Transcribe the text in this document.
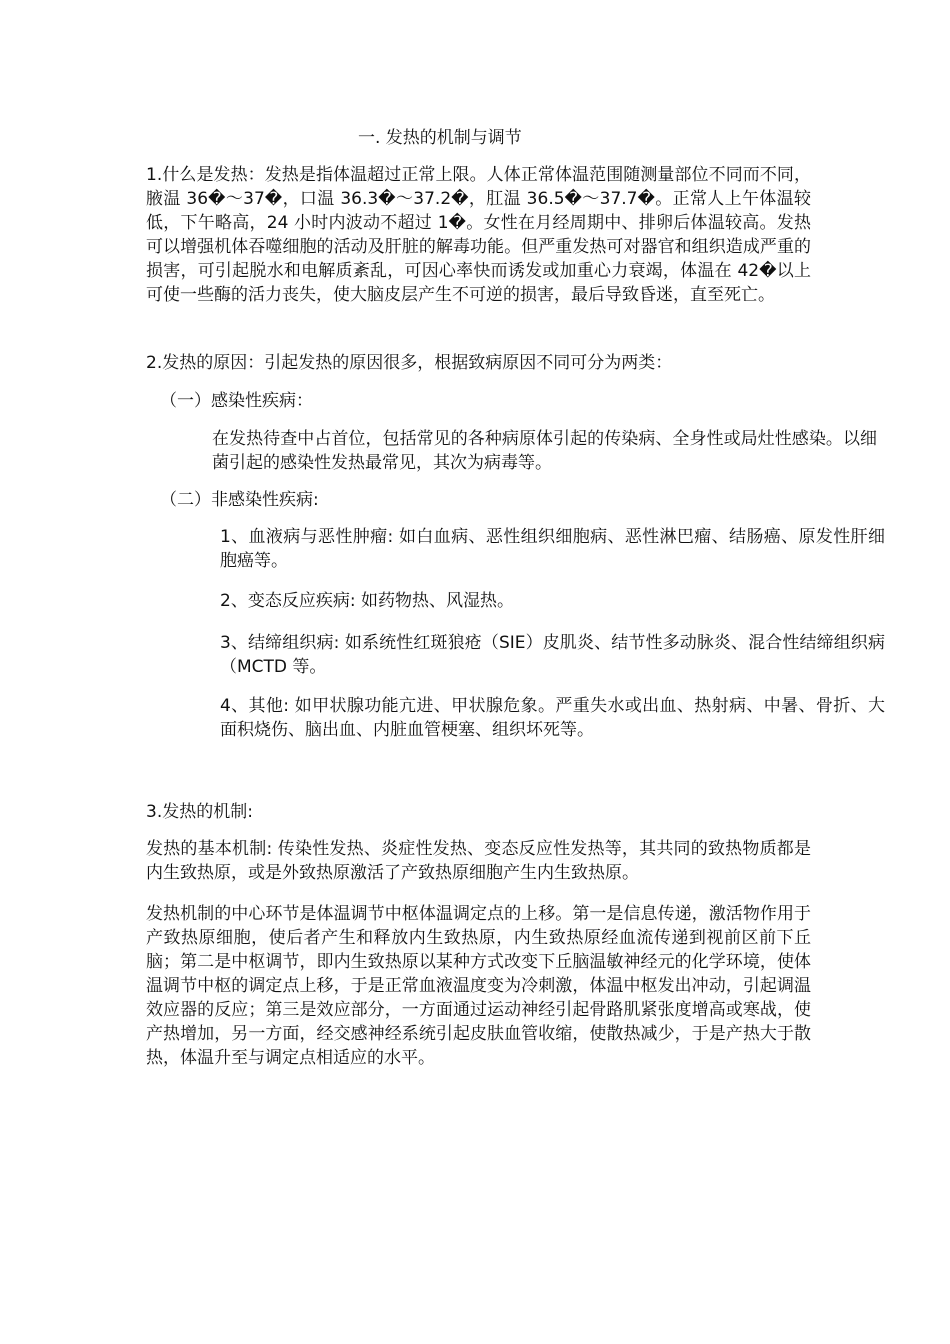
一. 发热的机制与调节

1.什么是发热：发热是指体温超过正常上限。人体正常体温范围随测量部位不同而不同，腋温 36�～37�，口温 36.3�～37.2�，肛温 36.5�～37.7�。正常人上午体温较低，下午略高，24 小时内波动不超过 1�。女性在月经周期中、排卵后体温较高。发热可以增强机体吞噬细胞的活动及肝脏的解毒功能。但严重发热可对器官和组织造成严重的损害，可引起脱水和电解质紊乱，可因心率快而诱发或加重心力衰竭，体温在 42�以上可使一些酶的活力丧失，使大脑皮层产生不可逆的损害，最后导致昏迷，直至死亡。

2.发热的原因：引起发热的原因很多，根据致病原因不同可分为两类：

（一）感染性疾病：

在发热待查中占首位，包括常见的各种病原体引起的传染病、全身性或局灶性感染。以细菌引起的感染性发热最常见，其次为病毒等。

（二）非感染性疾病:

1、血液病与恶性肿瘤: 如白血病、恶性组织细胞病、恶性淋巴瘤、结肠癌、原发性肝细胞癌等。

2、变态反应疾病: 如药物热、风湿热。

3、结缔组织病: 如系统性红斑狼疮（SIE）皮肌炎、结节性多动脉炎、混合性结缔组织病（MCTD 等。

4、其他: 如甲状腺功能亢进、甲状腺危象。严重失水或出血、热射病、中暑、骨折、大面积烧伤、脑出血、内脏血管梗塞、组织坏死等。

3.发热的机制:

发热的基本机制: 传染性发热、炎症性发热、变态反应性发热等，其共同的致热物质都是内生致热原，或是外致热原激活了产致热原细胞产生内生致热原。

发热机制的中心环节是体温调节中枢体温调定点的上移。第一是信息传递，激活物作用于产致热原细胞，使后者产生和释放内生致热原，内生致热原经血流传递到视前区前下丘脑；第二是中枢调节，即内生致热原以某种方式改变下丘脑温敏神经元的化学环境，使体温调节中枢的调定点上移，于是正常血液温度变为冷刺激，体温中枢发出冲动，引起调温效应器的反应；第三是效应部分，一方面通过运动神经引起骨路肌紧张度增高或寒战，使产热增加，另一方面，经交感神经系统引起皮肤血管收缩，使散热减少，于是产热大于散热，体温升至与调定点相适应的水平。
